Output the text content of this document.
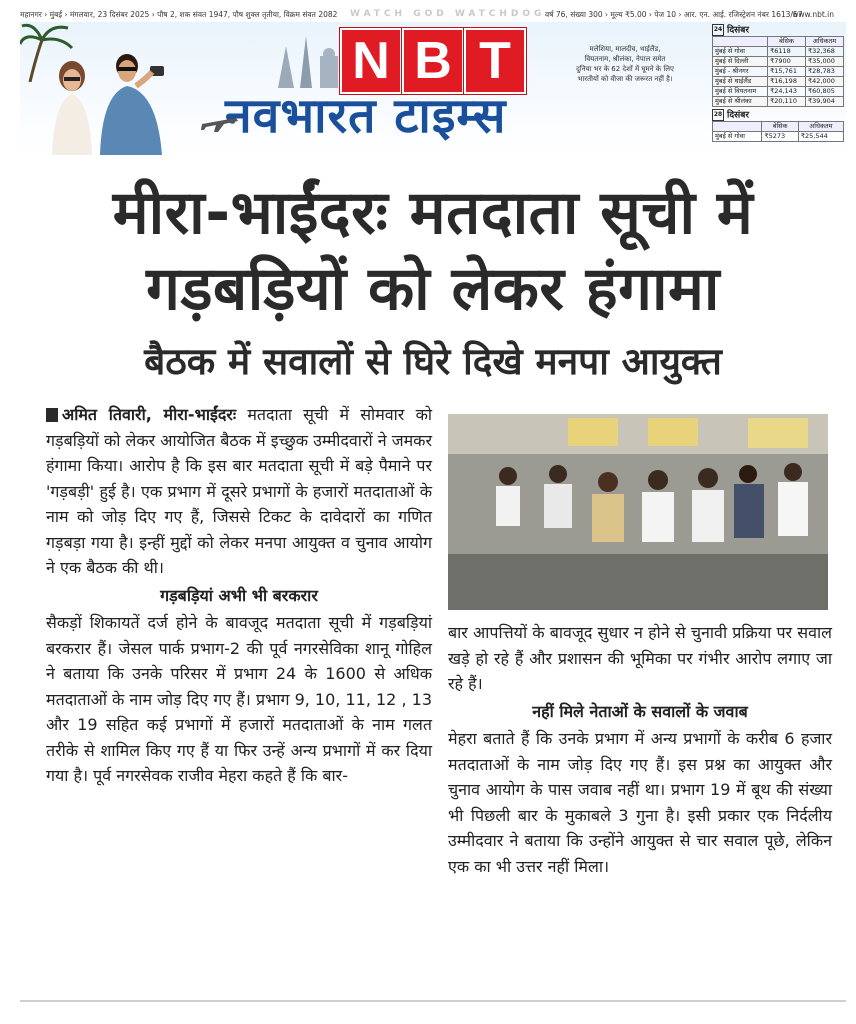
महानगर › मुंबई › मंगलवार, 23 दिसंबर 2025 › पौष 2, शक संवत 1947, पौष शुक्ल तृतीया, विक्रम संवत 2082 WATCH GOD WATCHDOG वर्ष 76, संख्या 300 › मूल्य ₹5.00 › पेज 10 › आर. एन. आई. रजिस्ट्रेशन नंबर 1613/57
www.nbt.in
N B T
नवभारत टाइम्स
मलेशिया, मालदीव, थाईलैंड,
वियतनाम, श्रीलंका, नेपाल समेत
दुनिया भर के 62 देशों में घूमने के लिए
भारतीयों को वीजा की जरूरत नहीं है।
24 दिसंबर
	बेसिक	अधिकतम
मुंबई से गोवा	₹6118	₹32,368
मुंबई से दिल्ली	₹7900	₹35,000
मुंबई - श्रीनगर	₹15,761	₹28,783
मुंबई से थाईलैंड	₹16,198	₹42,000
मुंबई से वियतनाम	₹24,143	₹60,805
मुंबई से श्रीलंका	₹20,110	₹39,904
28 दिसंबर
	बेसिक	अधिकतम
मुंबई से गोवा	₹5273	₹25,544
मीरा-भाईंदरः मतदाता सूची में
गड़बड़ियों को लेकर हंगामा
बैठक में सवालों से घिरे दिखे मनपा आयुक्त

अमित तिवारी, मीरा-भाईंदरः मतदाता सूची में सोमवार को गड़बड़ियों को लेकर आयोजित बैठक में इच्छुक उम्मीदवारों ने जमकर हंगामा किया। आरोप है कि इस बार मतदाता सूची में बड़े पैमाने पर 'गड़बड़ी' हुई है। एक प्रभाग में दूसरे प्रभागों के हजारों मतदाताओं के नाम को जोड़ दिए गए हैं, जिससे टिकट के दावेदारों का गणित गड़बड़ा गया है। इन्हीं मुद्दों को लेकर मनपा आयुक्त व चुनाव आयोग ने एक बैठक की थी।

गड़बड़ियां अभी भी बरकरार

सैकड़ों शिकायतें दर्ज होने के बावजूद मतदाता सूची में गड़बड़ियां बरकरार हैं। जेसल पार्क प्रभाग-2 की पूर्व नगरसेविका शानू गोहिल ने बताया कि उनके परिसर में प्रभाग 24 के 1600 से अधिक मतदाताओं के नाम जोड़ दिए गए हैं। प्रभाग 9, 10, 11, 12 , 13 और 19 सहित कई प्रभागों में हजारों मतदाताओं के नाम गलत तरीके से शामिल किए गए हैं या फिर उन्हें अन्य प्रभागों में कर दिया गया है। पूर्व नगरसेवक राजीव मेहरा कहते हैं कि बार-

बार आपत्तियों के बावजूद सुधार न होने से चुनावी प्रक्रिया पर सवाल खड़े हो रहे हैं और प्रशासन की भूमिका पर गंभीर आरोप लगाए जा रहे हैं।

नहीं मिले नेताओं के सवालों के जवाब

मेहरा बताते हैं कि उनके प्रभाग में अन्य प्रभागों के करीब 6 हजार मतदाताओं के नाम जोड़ दिए गए हैं। इस प्रश्न का आयुक्त और चुनाव आयोग के पास जवाब नहीं था। प्रभाग 19 में बूथ की संख्या भी पिछली बार के मुकाबले 3 गुना है। इसी प्रकार एक निर्दलीय उम्मीदवार ने बताया कि उन्होंने आयुक्त से चार सवाल पूछे, लेकिन एक का भी उत्तर नहीं मिला।
